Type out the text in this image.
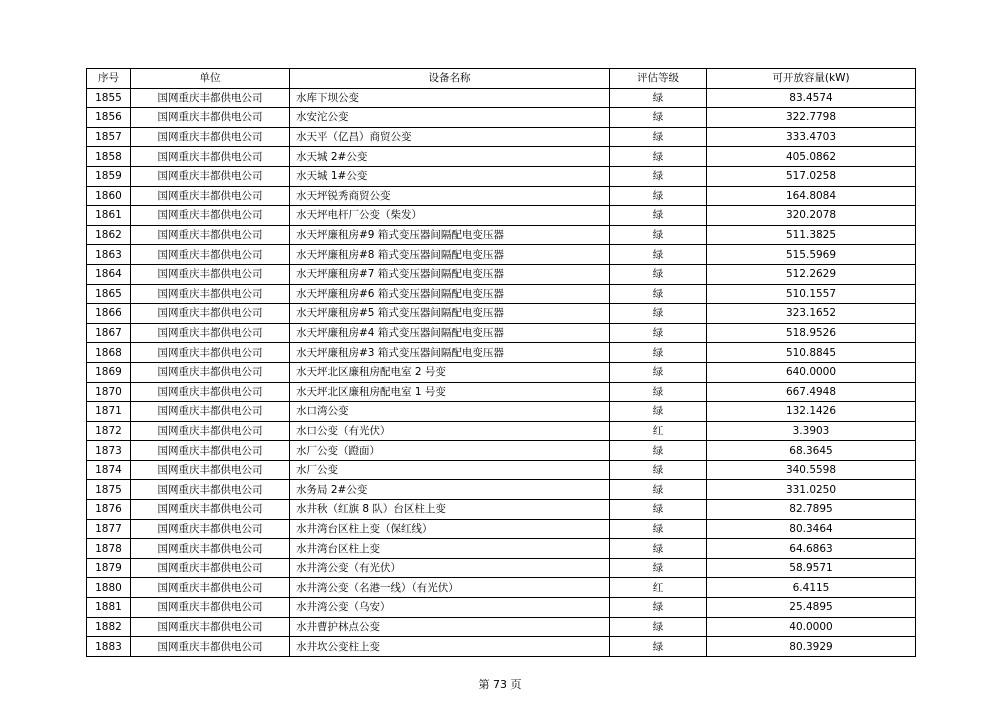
序号	单位	设备名称	评估等级	可开放容量(kW)
1855	国网重庆丰都供电公司	水库下坝公变	绿	83.4574
1856	国网重庆丰都供电公司	水安沱公变	绿	322.7798
1857	国网重庆丰都供电公司	水天平（亿昌）商贸公变	绿	333.4703
1858	国网重庆丰都供电公司	水天城 2#公变	绿	405.0862
1859	国网重庆丰都供电公司	水天城 1#公变	绿	517.0258
1860	国网重庆丰都供电公司	水天坪锐秀商贸公变	绿	164.8084
1861	国网重庆丰都供电公司	水天坪电杆厂公变（柴发）	绿	320.2078
1862	国网重庆丰都供电公司	水天坪廉租房#9 箱式变压器间隔配电变压器	绿	511.3825
1863	国网重庆丰都供电公司	水天坪廉租房#8 箱式变压器间隔配电变压器	绿	515.5969
1864	国网重庆丰都供电公司	水天坪廉租房#7 箱式变压器间隔配电变压器	绿	512.2629
1865	国网重庆丰都供电公司	水天坪廉租房#6 箱式变压器间隔配电变压器	绿	510.1557
1866	国网重庆丰都供电公司	水天坪廉租房#5 箱式变压器间隔配电变压器	绿	323.1652
1867	国网重庆丰都供电公司	水天坪廉租房#4 箱式变压器间隔配电变压器	绿	518.9526
1868	国网重庆丰都供电公司	水天坪廉租房#3 箱式变压器间隔配电变压器	绿	510.8845
1869	国网重庆丰都供电公司	水天坪北区廉租房配电室 2 号变	绿	640.0000
1870	国网重庆丰都供电公司	水天坪北区廉租房配电室 1 号变	绿	667.4948
1871	国网重庆丰都供电公司	水口湾公变	绿	132.1426
1872	国网重庆丰都供电公司	水口公变（有光伏）	红	3.3903
1873	国网重庆丰都供电公司	水厂公变（蹬面）	绿	68.3645
1874	国网重庆丰都供电公司	水厂公变	绿	340.5598
1875	国网重庆丰都供电公司	水务局 2#公变	绿	331.0250
1876	国网重庆丰都供电公司	水井秋（红旗 8 队）台区柱上变	绿	82.7895
1877	国网重庆丰都供电公司	水井湾台区柱上变（保红线）	绿	80.3464
1878	国网重庆丰都供电公司	水井湾台区柱上变	绿	64.6863
1879	国网重庆丰都供电公司	水井湾公变（有光伏）	绿	58.9571
1880	国网重庆丰都供电公司	水井湾公变（名港一线）（有光伏）	红	6.4115
1881	国网重庆丰都供电公司	水井湾公变（乌安）	绿	25.4895
1882	国网重庆丰都供电公司	水井曹护林点公变	绿	40.0000
1883	国网重庆丰都供电公司	水井坎公变柱上变	绿	80.3929
第 73 页
